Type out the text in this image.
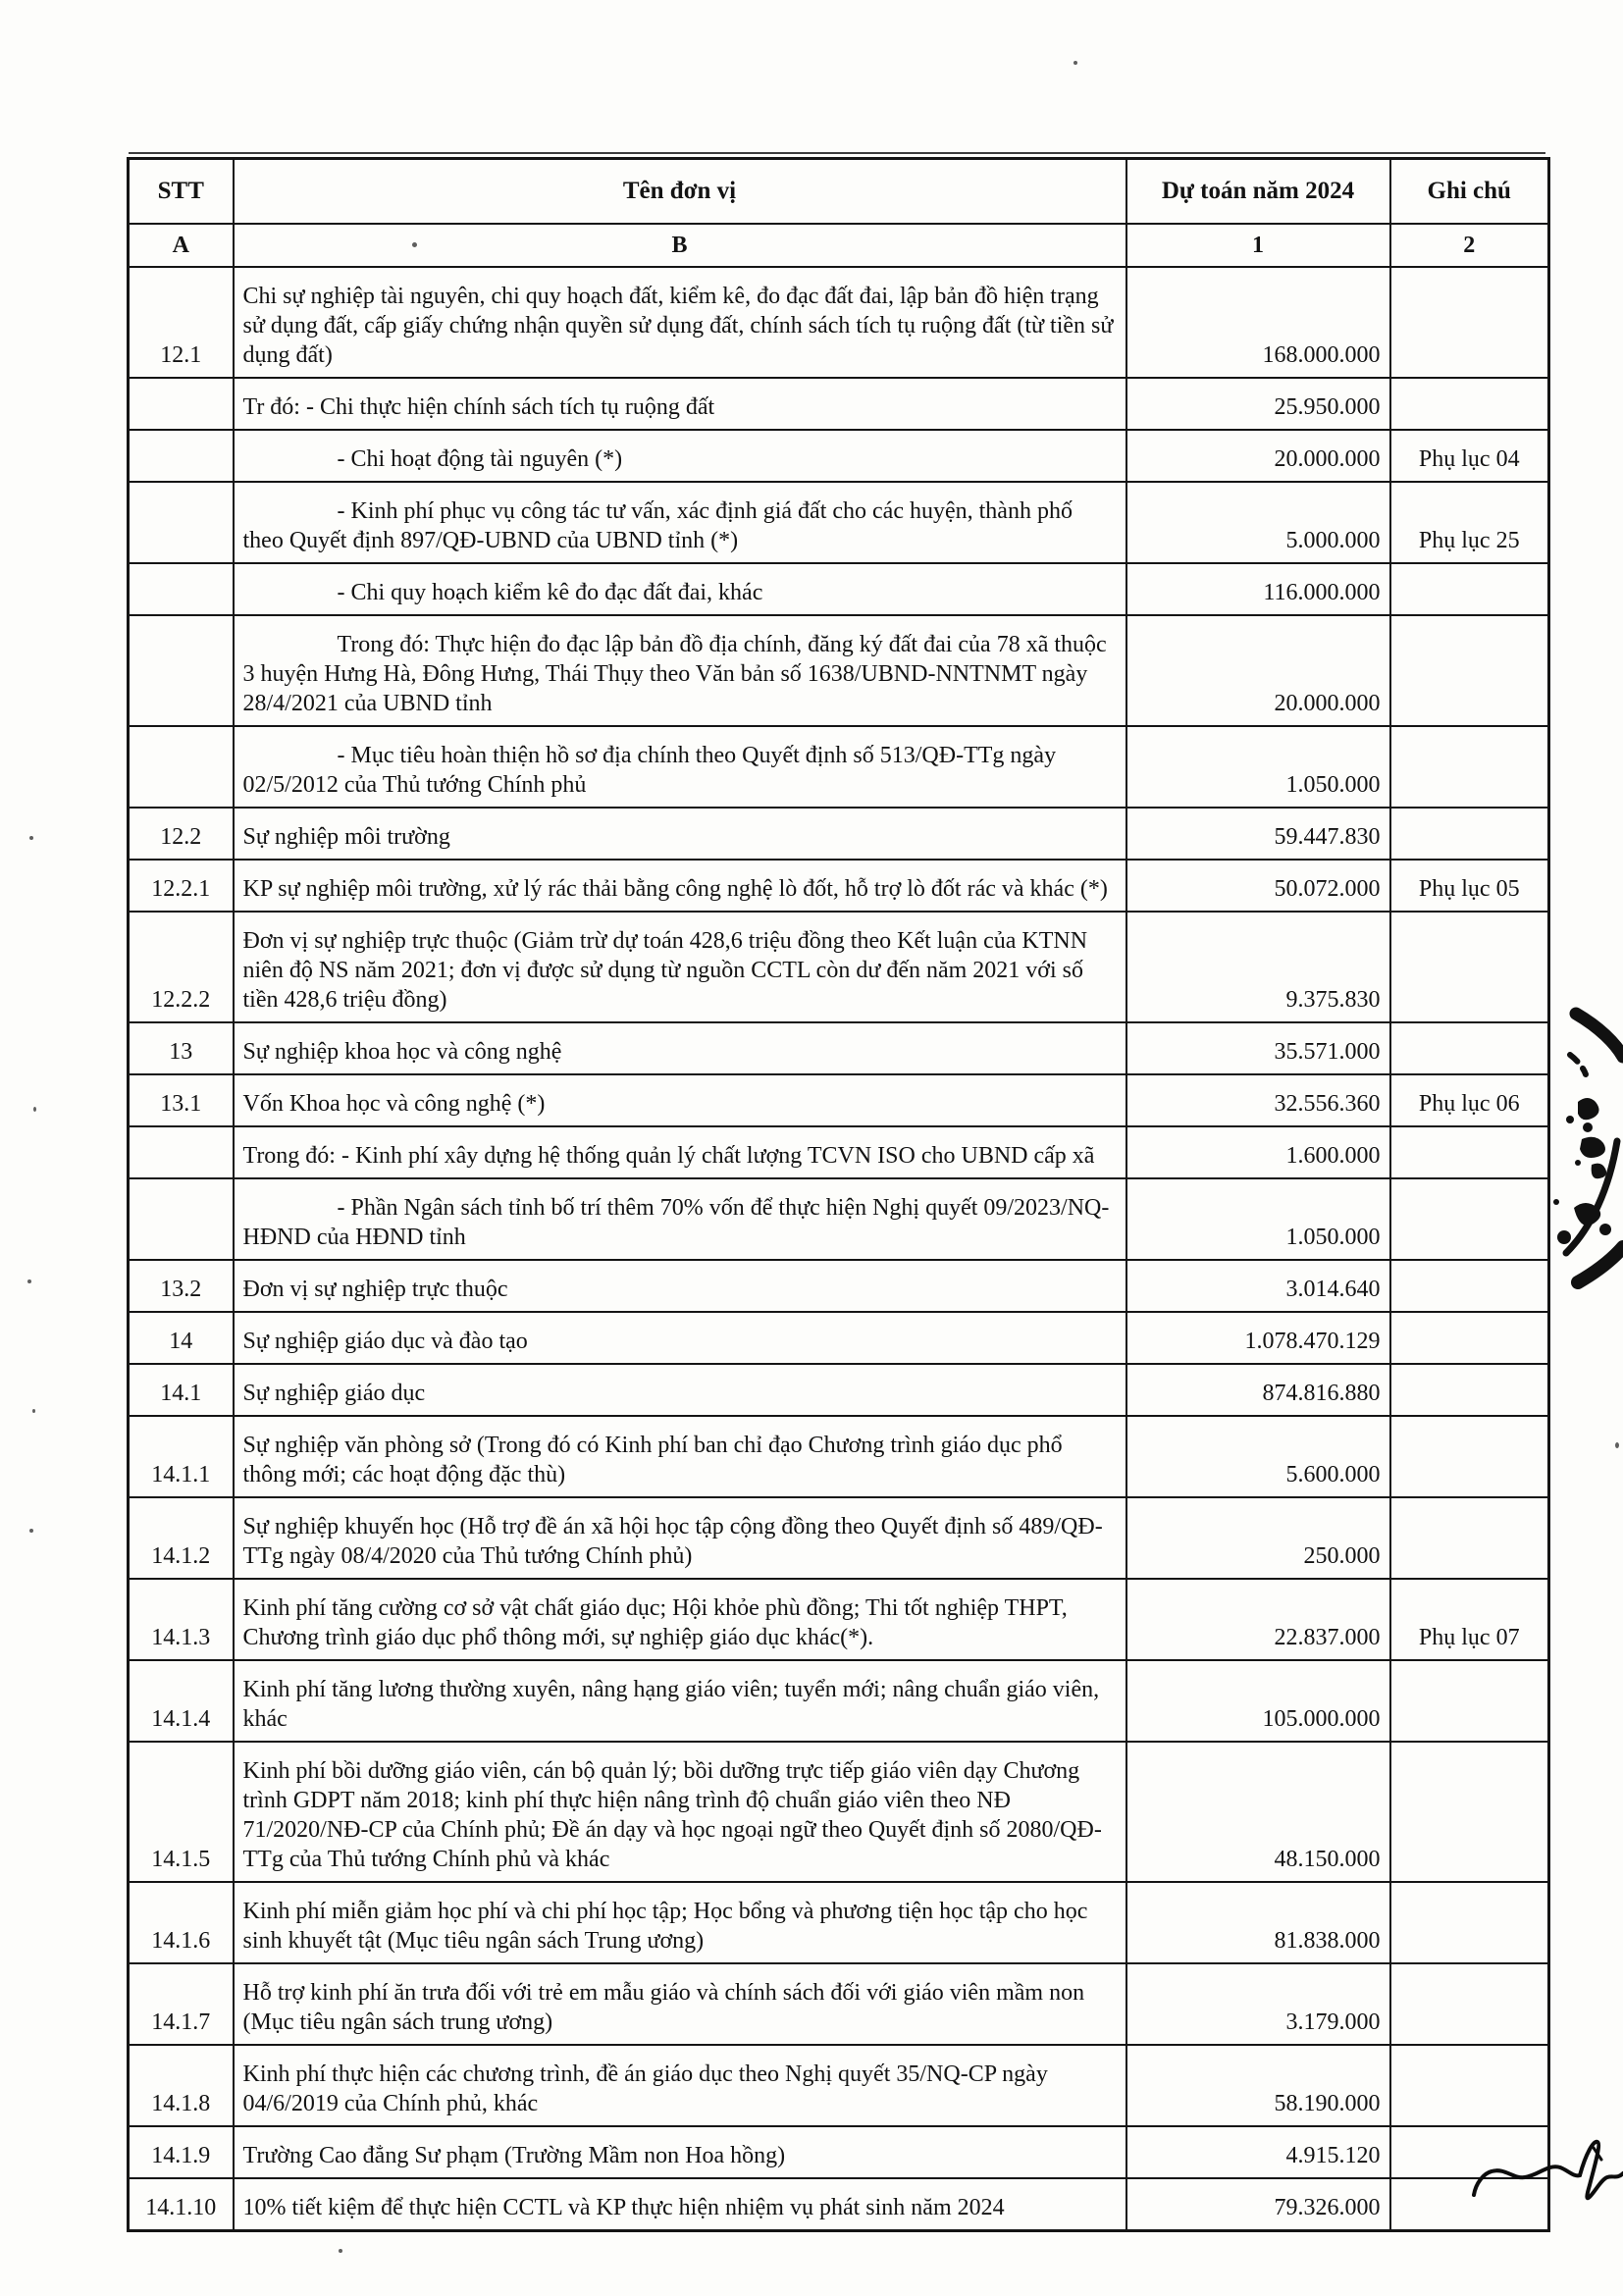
STT	Tên đơn vị	Dự toán năm 2024	Ghi chú
A	B	1	2
12.1	Chi sự nghiệp tài nguyên, chi quy hoạch đất, kiểm kê, đo đạc đất đai, lập bản đồ hiện trạng sử dụng đất, cấp giấy chứng nhận quyền sử dụng đất, chính sách tích tụ ruộng đất (từ tiền sử dụng đất)	168.000.000	
	Tr đó: - Chi thực hiện chính sách tích tụ ruộng đất	25.950.000	
	- Chi hoạt động tài nguyên (*)	20.000.000	Phụ lục 04
	- Kinh phí phục vụ công tác tư vấn, xác định giá đất cho các huyện, thành phố theo Quyết định 897/QĐ-UBND của UBND tỉnh (*)	5.000.000	Phụ lục 25
	- Chi quy hoạch kiểm kê đo đạc đất đai, khác	116.000.000	
	Trong đó: Thực hiện đo đạc lập bản đồ địa chính, đăng ký đất đai của 78 xã thuộc 3 huyện Hưng Hà, Đông Hưng, Thái Thụy theo Văn bản số 1638/UBND-NNTNMT ngày 28/4/2021 của UBND tỉnh	20.000.000	
	- Mục tiêu hoàn thiện hồ sơ địa chính theo Quyết định số 513/QĐ-TTg ngày 02/5/2012 của Thủ tướng Chính phủ	1.050.000	
12.2	Sự nghiệp môi trường	59.447.830	
12.2.1	KP sự nghiệp môi trường, xử lý rác thải bằng công nghệ lò đốt, hỗ trợ lò đốt rác và khác (*)	50.072.000	Phụ lục 05
12.2.2	Đơn vị sự nghiệp trực thuộc (Giảm trừ dự toán 428,6 triệu đồng theo Kết luận của KTNN niên độ NS năm 2021; đơn vị được sử dụng từ nguồn CCTL còn dư đến năm 2021 với số tiền 428,6 triệu đồng)	9.375.830	
13	Sự nghiệp khoa học và công nghệ	35.571.000	
13.1	Vốn Khoa học và công nghệ (*)	32.556.360	Phụ lục 06
	Trong đó: - Kinh phí xây dựng hệ thống quản lý chất lượng TCVN ISO cho UBND cấp xã	1.600.000	
	- Phần Ngân sách tỉnh bố trí thêm 70% vốn để thực hiện Nghị quyết 09/2023/NQ-HĐND của HĐND tỉnh	1.050.000	
13.2	Đơn vị sự nghiệp trực thuộc	3.014.640	
14	Sự nghiệp giáo dục và đào tạo	1.078.470.129	
14.1	Sự nghiệp giáo dục	874.816.880	
14.1.1	Sự nghiệp văn phòng sở (Trong đó có Kinh phí ban chỉ đạo Chương trình giáo dục phổ thông mới; các hoạt động đặc thù)	5.600.000	
14.1.2	Sự nghiệp khuyến học (Hỗ trợ đề án xã hội học tập cộng đồng theo Quyết định số 489/QĐ-TTg ngày 08/4/2020 của Thủ tướng Chính phủ)	250.000	
14.1.3	Kinh phí tăng cường cơ sở vật chất giáo dục; Hội khỏe phù đồng; Thi tốt nghiệp THPT, Chương trình giáo dục phổ thông mới, sự nghiệp giáo dục khác(*).	22.837.000	Phụ lục 07
14.1.4	Kinh phí tăng lương thường xuyên, nâng hạng giáo viên; tuyển mới; nâng chuẩn giáo viên, khác	105.000.000	
14.1.5	Kinh phí bồi dưỡng giáo viên, cán bộ quản lý; bồi dưỡng trực tiếp giáo viên dạy Chương trình GDPT năm 2018; kinh phí thực hiện nâng trình độ chuẩn giáo viên theo NĐ 71/2020/NĐ-CP của Chính phủ; Đề án dạy và học ngoại ngữ theo Quyết định số 2080/QĐ-TTg của Thủ tướng Chính phủ và khác	48.150.000	
14.1.6	Kinh phí miễn giảm học phí và chi phí học tập; Học bổng và phương tiện học tập cho học sinh khuyết tật (Mục tiêu ngân sách Trung ương)	81.838.000	
14.1.7	Hỗ trợ kinh phí ăn trưa đối với trẻ em mẫu giáo và chính sách đối với giáo viên mầm non (Mục tiêu ngân sách trung ương)	3.179.000	
14.1.8	Kinh phí thực hiện các chương trình, đề án giáo dục theo Nghị quyết 35/NQ-CP ngày 04/6/2019 của Chính phủ, khác	58.190.000	
14.1.9	Trường Cao đẳng Sư phạm (Trường Mầm non Hoa hồng)	4.915.120	
14.1.10	10% tiết kiệm để thực hiện CCTL và KP thực hiện nhiệm vụ phát sinh năm 2024	79.326.000	
